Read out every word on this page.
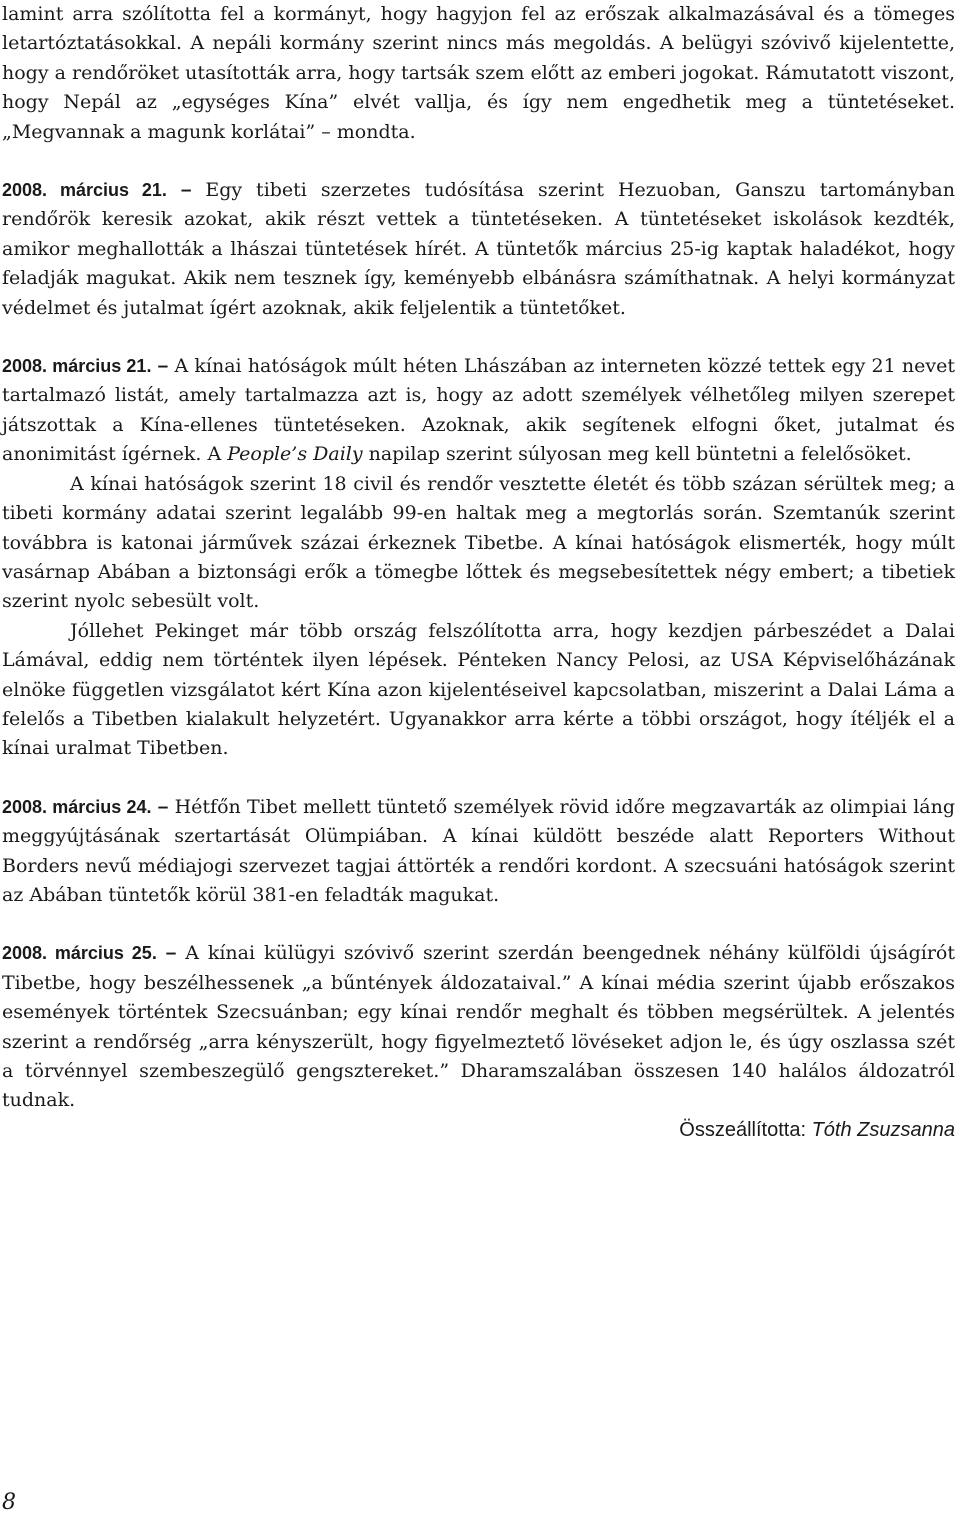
lamint arra szólította fel a kormányt, hogy hagyjon fel az erőszak alkalmazásával és a tömeges letartóztatásokkal. A nepáli kormány szerint nincs más megoldás. A belügyi szóvivő kijelentette, hogy a rendőröket utasították arra, hogy tartsák szem előtt az emberi jogokat. Rámutatott viszont, hogy Nepál az „egységes Kína” elvét vallja, és így nem engedhetik meg a tüntetéseket. „Megvannak a magunk korlátai” – mondta.

2008. március 21. – Egy tibeti szerzetes tudósítása szerint Hezuoban, Ganszu tartományban rendőrök keresik azokat, akik részt vettek a tüntetéseken. A tüntetéseket iskolások kezdték, amikor meghallották a lhászai tüntetések hírét. A tüntetők március 25-ig kaptak haladékot, hogy feladják magukat. Akik nem tesznek így, keményebb elbánásra számíthatnak. A helyi kormányzat védelmet és jutalmat ígért azoknak, akik feljelentik a tüntetőket.

2008. március 21. – A kínai hatóságok múlt héten Lhászában az interneten közzé tettek egy 21 nevet tartalmazó listát, amely tartalmazza azt is, hogy az adott személyek vélhetőleg milyen szerepet játszottak a Kína-ellenes tüntetéseken. Azoknak, akik segítenek elfogni őket, jutalmat és anonimitást ígérnek. A People’s Daily napilap szerint súlyosan meg kell büntetni a felelősöket.

A kínai hatóságok szerint 18 civil és rendőr vesztette életét és több százan sérültek meg; a tibeti kormány adatai szerint legalább 99-en haltak meg a megtorlás során. Szemtanúk szerint továbbra is katonai járművek százai érkeznek Tibetbe. A kínai hatóságok elismerték, hogy múlt vasárnap Abában a biztonsági erők a tömegbe lőttek és megsebesítettek négy embert; a tibetiek szerint nyolc sebesült volt.

Jóllehet Pekinget már több ország felszólította arra, hogy kezdjen párbeszédet a Dalai Lámával, eddig nem történtek ilyen lépések. Pénteken Nancy Pelosi, az USA Képviselőházának elnöke független vizsgálatot kért Kína azon kijelentéseivel kapcsolatban, miszerint a Dalai Láma a felelős a Tibetben kialakult helyzetért. Ugyanakkor arra kérte a többi országot, hogy ítéljék el a kínai uralmat Tibetben.

2008. március 24. – Hétfőn Tibet mellett tüntető személyek rövid időre megzavarták az olimpiai láng meggyújtásának szertartását Olümpiában. A kínai küldött beszéde alatt Reporters Without Borders nevű médiajogi szervezet tagjai áttörték a rendőri kordont. A szecsuáni hatóságok szerint az Abában tüntetők körül 381-en feladták magukat.

2008. március 25. – A kínai külügyi szóvivő szerint szerdán beengednek néhány külföldi újságírót Tibetbe, hogy beszélhessenek „a bűntények áldozataival.” A kínai média szerint újabb erőszakos események történtek Szecsuánban; egy kínai rendőr meghalt és többen megsérültek. A jelentés szerint a rendőrség „arra kényszerült, hogy figyelmeztető lövéseket adjon le, és úgy oszlassa szét a törvénnyel szembeszegülő gengsztereket.” Dharamszalában összesen 140 halálos áldozatról tudnak.

Összeállította: Tóth Zsuzsanna

8
